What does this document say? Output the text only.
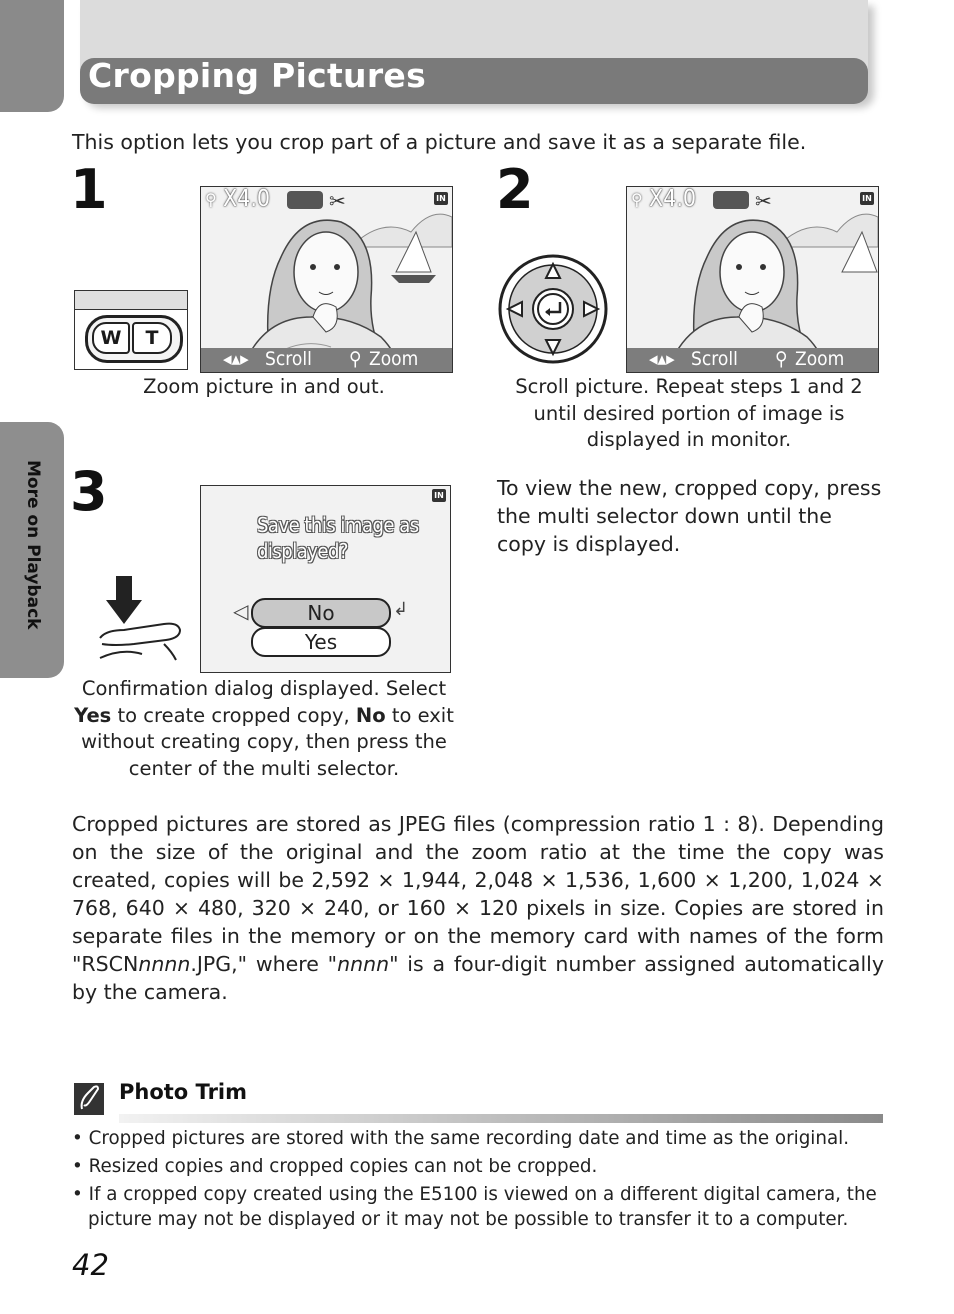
Cropping Pictures
More on Playback
This option lets you crop part of a picture and save it as a separate file.
1
W	T
X4.0
⚲	✂	IN
◂▴▸ Scroll ⚲ Zoom
Zoom picture in and out.
2	X4.0
⚲	✂	IN
◂▴▸ Scroll ⚲ Zoom
Scroll picture. Repeat steps 1 and 2 until desired portion of image is displayed in monitor.
3	IN
Save this image as
displayed?
◁	No	↲
Yes
Confirmation dialog displayed. Select Yes to create cropped copy, No to exit without creating copy, then press the center of the multi selector.
To view the new, cropped copy, press the multi selector down until the copy is displayed.
Cropped pictures are stored as JPEG files (compression ratio 1 : 8). Depending on the size of the original and the zoom ratio at the time the copy was created, copies will be 2,592 × 1,944, 2,048 × 1,536, 1,600 × 1,200, 1,024 × 768, 640 × 480, 320 × 240, or 160 × 120 pixels in size. Copies are stored in separate files in the memory or on the memory card with names of the form "RSCNnnnn.JPG," where "nnnn" is a four-digit number assigned automatically by the camera.
Photo Trim
• Cropped pictures are stored with the same recording date and time as the original.
• Resized copies and cropped copies can not be cropped.
• If a cropped copy created using the E5100 is viewed on a different digital camera, the picture may not be displayed or it may not be possible to transfer it to a computer.
42
